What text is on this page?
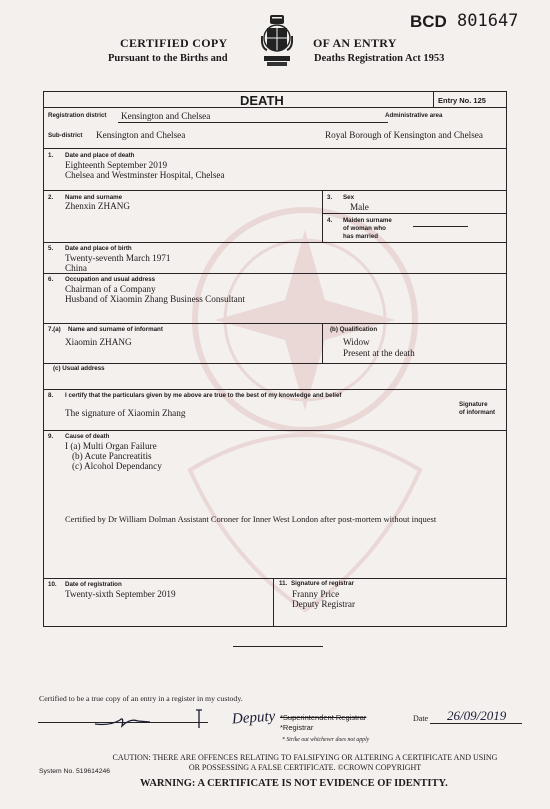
BCD 801647
CERTIFIED COPY
Pursuant to the Births and
OF AN ENTRY
Deaths Registration Act 1953
DEATH	Entry No. 125
Registration district Kensington and Chelsea	Administrative area
Sub-district Kensington and Chelsea	Royal Borough of Kensington and Chelsea
1. Date and place of death
Eighteenth September 2019
Chelsea and Westminster Hospital, Chelsea
2. Name and surname
Zhenxin ZHANG
3. Sex
Male
4. Maiden surname
of woman who
has married
5. Date and place of birth
Twenty-seventh March 1971
China
6. Occupation and usual address
Chairman of a Company
Husband of Xiaomin Zhang Business Consultant
7.(a) Name and surname of informant
Xiaomin ZHANG
(b) Qualification
Widow
Present at the death
(c) Usual address
8. I certify that the particulars given by me above are true to the best of my knowledge and belief
The signature of Xiaomin Zhang
Signature
of informant
9. Cause of death
I (a) Multi Organ Failure
(b) Acute Pancreatitis
(c) Alcohol Dependancy
Certified by Dr William Dolman Assistant Coroner for Inner West London after post-mortem without inquest
10. Date of registration
Twenty-sixth September 2019
11. Signature of registrar
Franny Price
Deputy Registrar
Certified to be a true copy of an entry in a register in my custody.
Deputy *Superintendent Registrar
*Registrar
* Strike out whichever does not apply
Date 26/09/2019
CAUTION: THERE ARE OFFENCES RELATING TO FALSIFYING OR ALTERING A CERTIFICATE AND USING
OR POSSESSING A FALSE CERTIFICATE. ©CROWN COPYRIGHT
System No. 519614246
WARNING: A CERTIFICATE IS NOT EVIDENCE OF IDENTITY.
